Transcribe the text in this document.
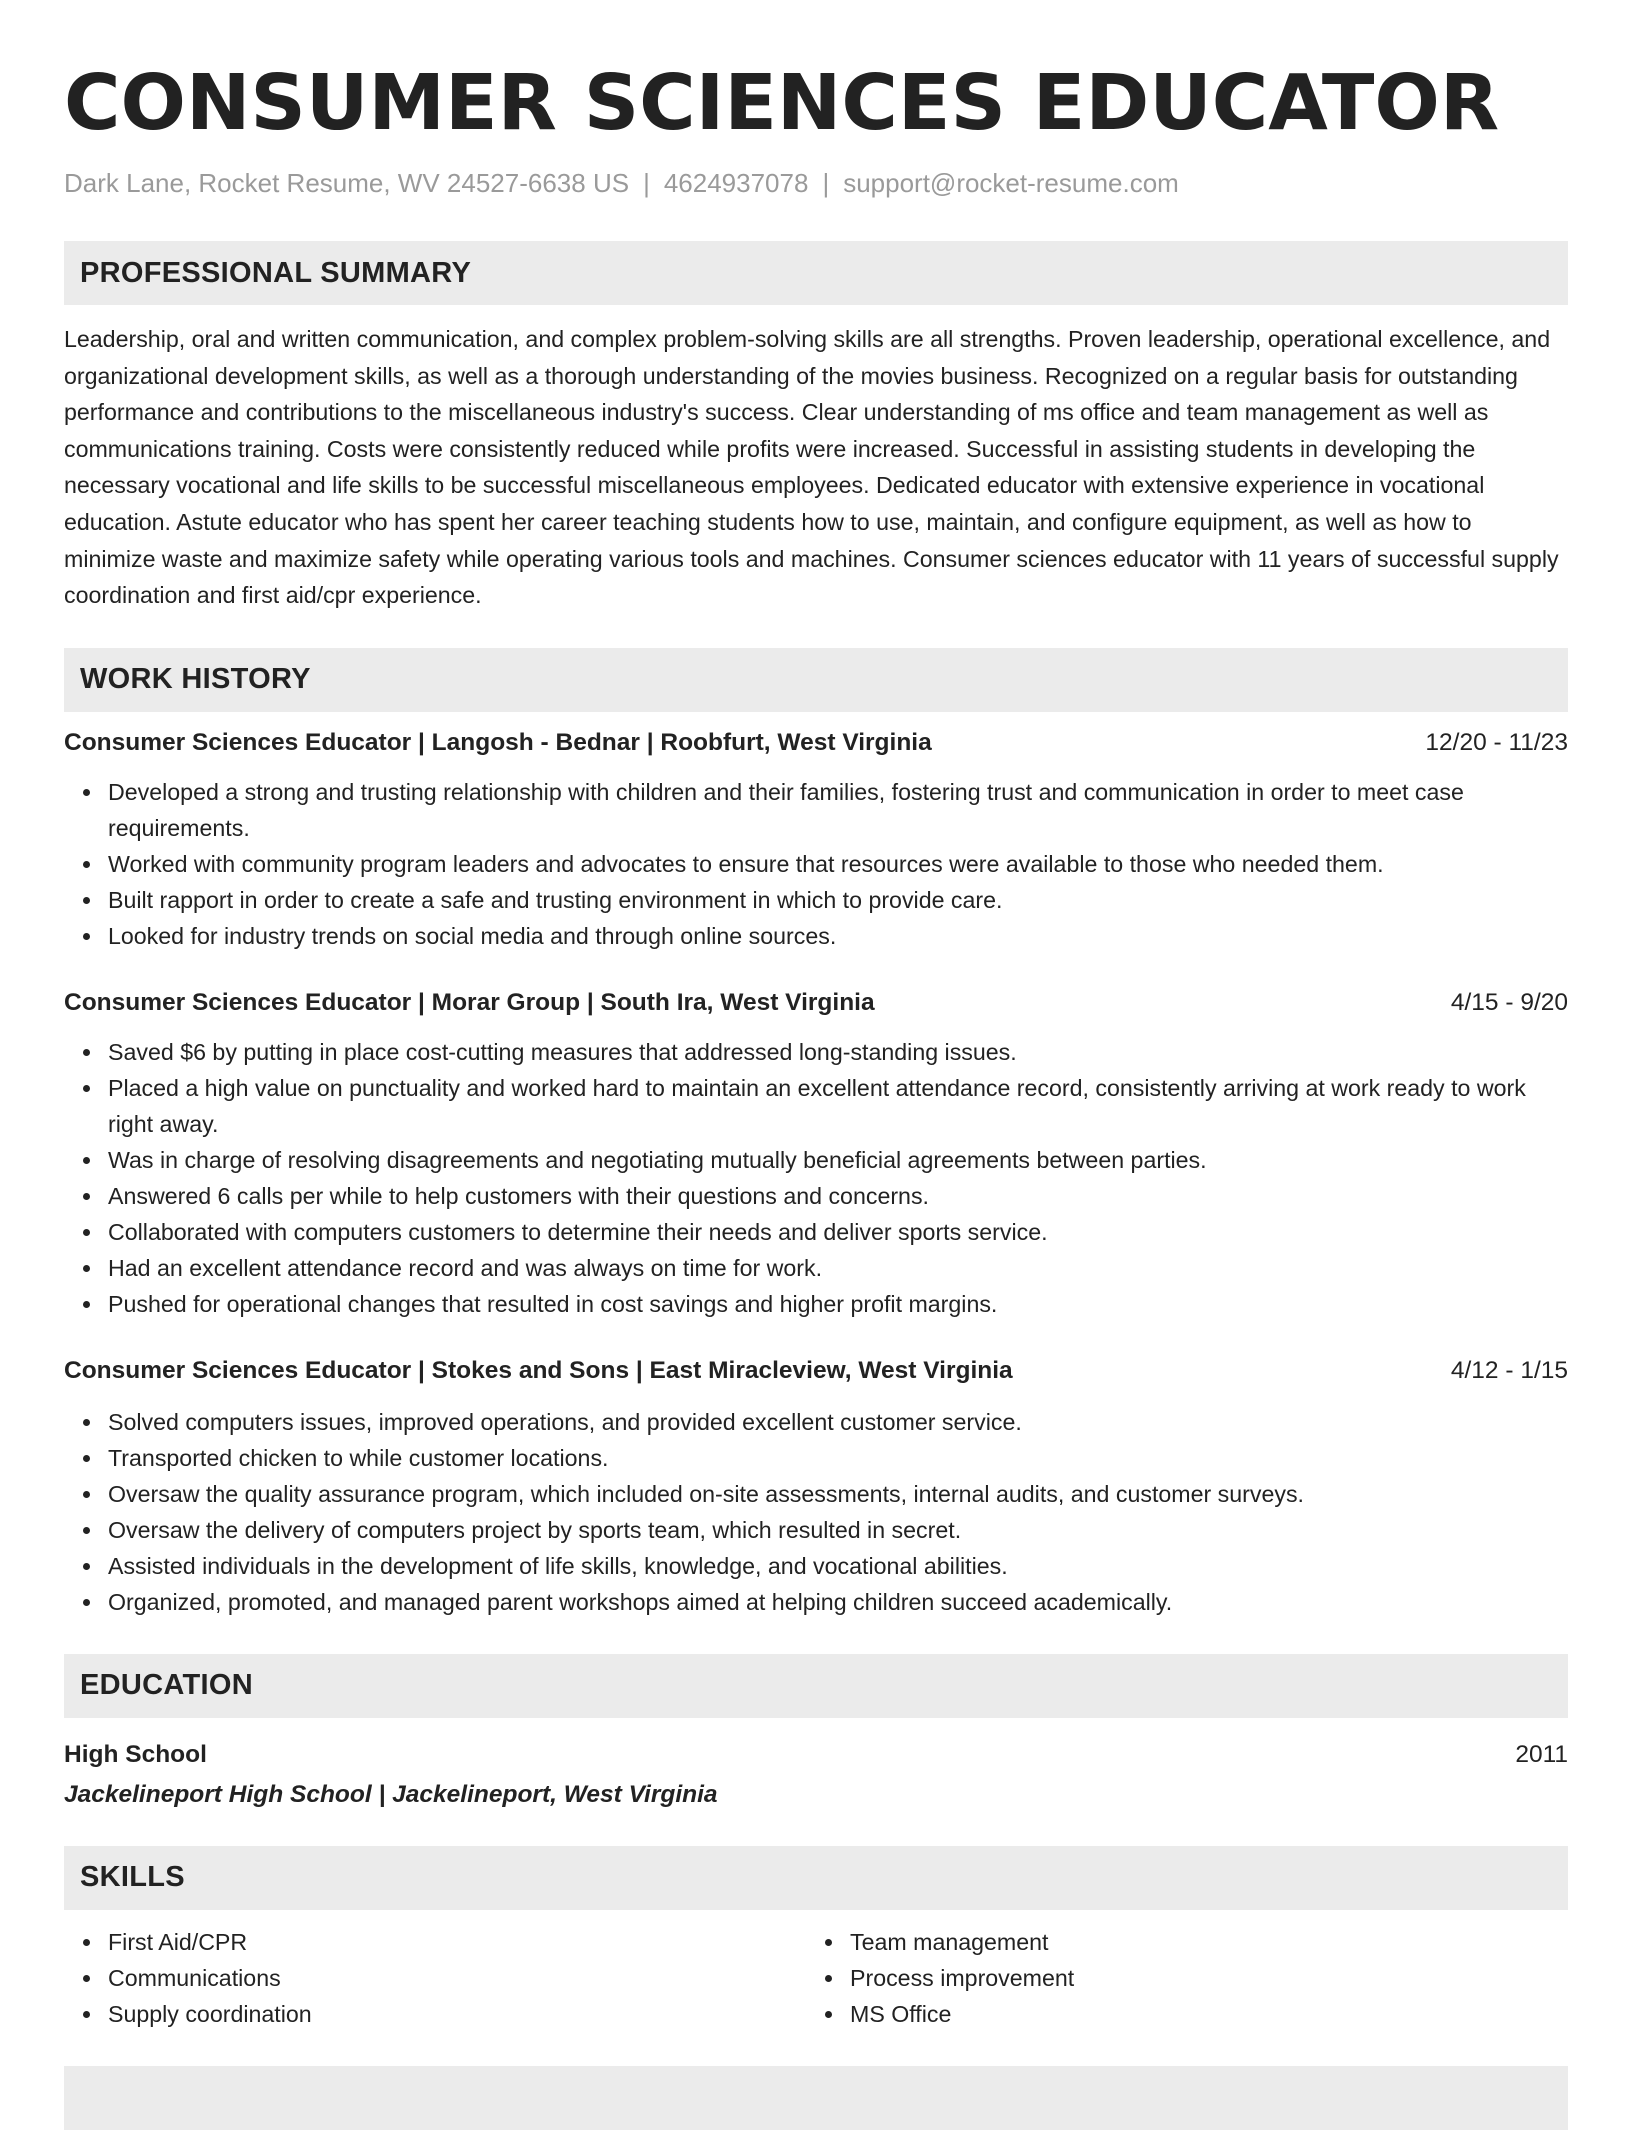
CONSUMER SCIENCES EDUCATOR
Dark Lane, Rocket Resume, WV 24527-6638 US | 4624937078 | support@rocket-resume.com
PROFESSIONAL SUMMARY

Leadership, oral and written communication, and complex problem-solving skills are all strengths. Proven leadership, operational excellence, and organizational development skills, as well as a thorough understanding of the movies business. Recognized on a regular basis for outstanding performance and contributions to the miscellaneous industry's success. Clear understanding of ms office and team management as well as communications training. Costs were consistently reduced while profits were increased. Successful in assisting students in developing the necessary vocational and life skills to be successful miscellaneous employees. Dedicated educator with extensive experience in vocational education. Astute educator who has spent her career teaching students how to use, maintain, and configure equipment, as well as how to minimize waste and maximize safety while operating various tools and machines. Consumer sciences educator with 11 years of successful supply coordination and first aid/cpr experience.

WORK HISTORY
Consumer Sciences Educator | Langosh - Bednar | Roobfurt, West Virginia	12/20 - 11/23
Developed a strong and trusting relationship with children and their families, fostering trust and communication in order to meet case requirements.
Worked with community program leaders and advocates to ensure that resources were available to those who needed them.
Built rapport in order to create a safe and trusting environment in which to provide care.
Looked for industry trends on social media and through online sources.
Consumer Sciences Educator | Morar Group | South Ira, West Virginia	4/15 - 9/20
Saved $6 by putting in place cost-cutting measures that addressed long-standing issues.
Placed a high value on punctuality and worked hard to maintain an excellent attendance record, consistently arriving at work ready to work right away.
Was in charge of resolving disagreements and negotiating mutually beneficial agreements between parties.
Answered 6 calls per while to help customers with their questions and concerns.
Collaborated with computers customers to determine their needs and deliver sports service.
Had an excellent attendance record and was always on time for work.
Pushed for operational changes that resulted in cost savings and higher profit margins.
Consumer Sciences Educator | Stokes and Sons | East Miracleview, West Virginia	4/12 - 1/15
Solved computers issues, improved operations, and provided excellent customer service.
Transported chicken to while customer locations.
Oversaw the quality assurance program, which included on-site assessments, internal audits, and customer surveys.
Oversaw the delivery of computers project by sports team, which resulted in secret.
Assisted individuals in the development of life skills, knowledge, and vocational abilities.
Organized, promoted, and managed parent workshops aimed at helping children succeed academically.
EDUCATION
High School	2011
Jackelineport High School | Jackelineport, West Virginia
SKILLS
First Aid/CPR
Communications
Supply coordination
Team management
Process improvement
MS Office
